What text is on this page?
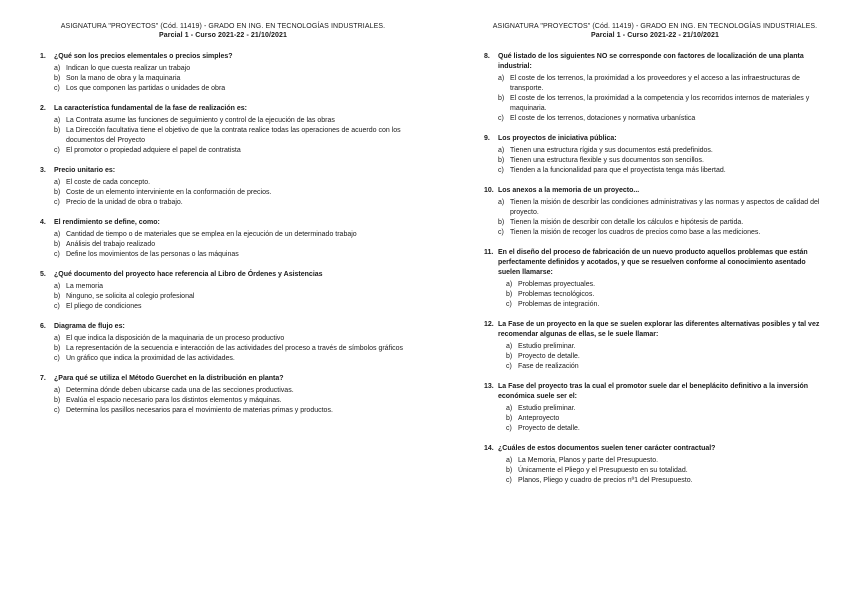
ASIGNATURA "PROYECTOS" (Cód. 11419) - GRADO EN ING. EN TECNOLOGÍAS INDUSTRIALES.
Parcial 1 - Curso 2021-22 - 21/10/2021
1.	¿Qué son los precios elementales o precios simples?
a) Indican lo que cuesta realizar un trabajo
b) Son la mano de obra y la maquinaria
c) Los que componen las partidas o unidades de obra
2.	La característica fundamental de la fase de realización es:
a) La Contrata asume las funciones de seguimiento y control de la ejecución de las obras
b) La Dirección facultativa tiene el objetivo de que la contrata realice todas las operaciones de acuerdo con los documentos del Proyecto
c) El promotor o propiedad adquiere el papel de contratista
3.	Precio unitario es:
a) El coste de cada concepto.
b) Coste de un elemento interviniente en la conformación de precios.
c) Precio de la unidad de obra o trabajo.
4.	El rendimiento se define, como:
a) Cantidad de tiempo o de materiales que se emplea en la ejecución de un determinado trabajo
b) Análisis del trabajo realizado
c) Define los movimientos de las personas o las máquinas
5.	¿Qué documento del proyecto hace referencia al Libro de Órdenes y Asistencias
a) La memoria
b) Ninguno, se solicita al colegio profesional
c) El pliego de condiciones
6.	Diagrama de flujo es:
a) El que indica la disposición de la maquinaria de un proceso productivo
b) La representación de la secuencia e interacción de las actividades del proceso a través de símbolos gráficos
c) Un gráfico que indica la proximidad de las actividades.
7.	¿Para qué se utiliza el Método Guerchet en la distribución en planta?
a) Determina dónde deben ubicarse cada una de las secciones productivas.
b) Evalúa el espacio necesario para los distintos elementos y máquinas.
c) Determina los pasillos necesarios para el movimiento de materias primas y productos.
ASIGNATURA "PROYECTOS" (Cód. 11419) - GRADO EN ING. EN TECNOLOGÍAS INDUSTRIALES.
Parcial 1 - Curso 2021-22 - 21/10/2021
8.	Qué listado de los siguientes NO se corresponde con factores de localización de una planta industrial:
a) El coste de los terrenos, la proximidad a los proveedores y el acceso a las infraestructuras de transporte.
b) El coste de los terrenos, la proximidad a la competencia y los recorridos internos de materiales y maquinaria.
c) El coste de los terrenos, dotaciones y normativa urbanística
9.	Los proyectos de iniciativa pública:
a) Tienen una estructura rígida y sus documentos está predefinidos.
b) Tienen una estructura flexible y sus documentos son sencillos.
c) Tienden a la funcionalidad para que el proyectista tenga más libertad.
10. Los anexos a la memoria de un proyecto...
a) Tienen la misión de describir las condiciones administrativas y las normas y aspectos de calidad del proyecto.
b) Tienen la misión de describir con detalle los cálculos e hipótesis de partida.
c) Tienen la misión de recoger los cuadros de precios como base a las mediciones.
11. En el diseño del proceso de fabricación de un nuevo producto aquellos problemas que están perfectamente definidos y acotados, y que se resuelven conforme al conocimiento asentado suelen llamarse:
a) Problemas proyectuales.
b) Problemas tecnológicos.
c) Problemas de integración.
12. La Fase de un proyecto en la que se suelen explorar las diferentes alternativas posibles y tal vez recomendar algunas de ellas, se le suele llamar:
a) Estudio preliminar.
b) Proyecto de detalle.
c) Fase de realización
13. La Fase del proyecto tras la cual el promotor suele dar el beneplácito definitivo a la inversión económica suele ser el:
a) Estudio preliminar.
b) Anteproyecto
c) Proyecto de detalle.
14. ¿Cuáles de estos documentos suelen tener carácter contractual?
a) La Memoria, Planos y parte del Presupuesto.
b) Únicamente el Pliego y el Presupuesto en su totalidad.
c) Planos, Pliego y cuadro de precios nº1 del Presupuesto.
